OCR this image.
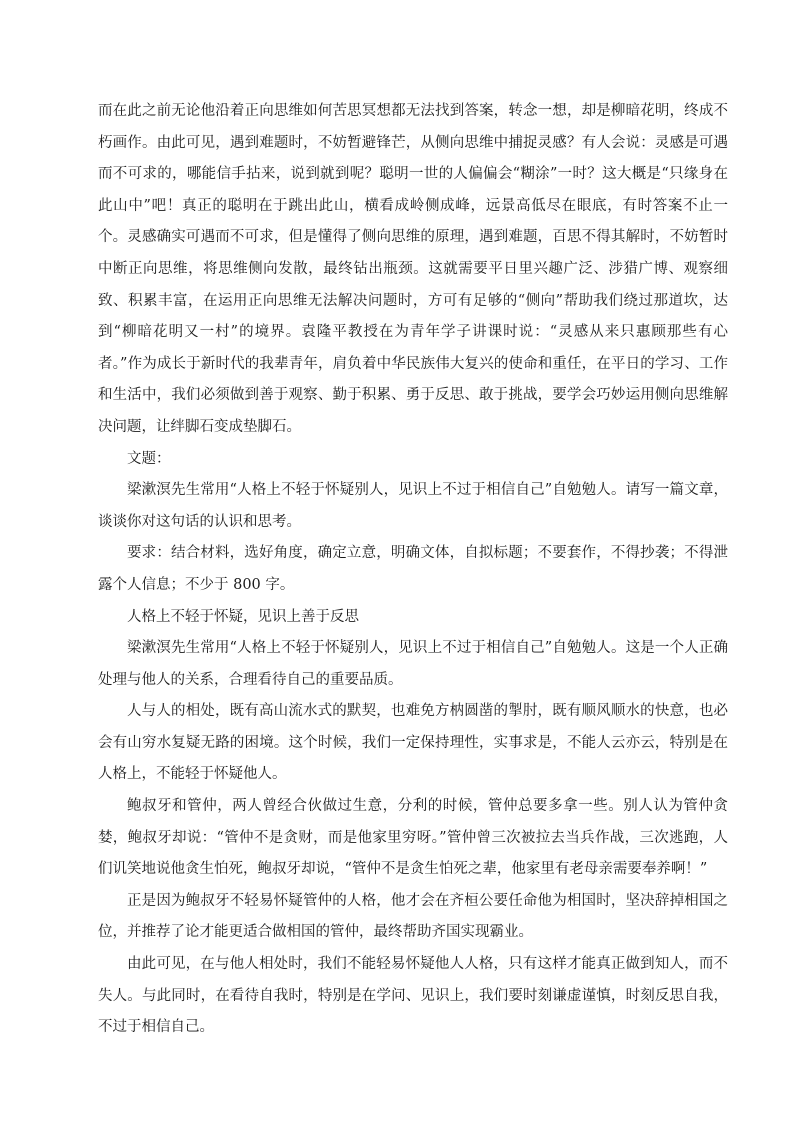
而在此之前无论他沿着正向思维如何苦思冥想都无法找到答案，转念一想，却是柳暗花明，终成不朽画作。由此可见，遇到难题时，不妨暂避锋芒，从侧向思维中捕捉灵感？有人会说：灵感是可遇而不可求的，哪能信手拈来，说到就到呢？聪明一世的人偏偏会“糊涂”一时？这大概是“只缘身在此山中”吧！真正的聪明在于跳出此山，横看成岭侧成峰，远景高低尽在眼底，有时答案不止一个。灵感确实可遇而不可求，但是懂得了侧向思维的原理，遇到难题，百思不得其解时，不妨暂时中断正向思维，将思维侧向发散，最终钻出瓶颈。这就需要平日里兴趣广泛、涉猎广博、观察细致、积累丰富，在运用正向思维无法解决问题时，方可有足够的“侧向”帮助我们绕过那道坎，达到“柳暗花明又一村”的境界。袁隆平教授在为青年学子讲课时说：“灵感从来只惠顾那些有心者。”作为成长于新时代的我辈青年，肩负着中华民族伟大复兴的使命和重任，在平日的学习、工作和生活中，我们必须做到善于观察、勤于积累、勇于反思、敢于挑战，要学会巧妙运用侧向思维解决问题，让绊脚石变成垫脚石。

文题：

梁漱溟先生常用“人格上不轻于怀疑别人，见识上不过于相信自己”自勉勉人。请写一篇文章，谈谈你对这句话的认识和思考。

要求：结合材料，选好角度，确定立意，明确文体，自拟标题；不要套作，不得抄袭；不得泄露个人信息；不少于 800 字。

人格上不轻于怀疑，见识上善于反思

梁漱溟先生常用“人格上不轻于怀疑别人，见识上不过于相信自己”自勉勉人。这是一个人正确处理与他人的关系，合理看待自己的重要品质。

人与人的相处，既有高山流水式的默契，也难免方枘圆凿的掣肘，既有顺风顺水的快意，也必会有山穷水复疑无路的困境。这个时候，我们一定保持理性，实事求是，不能人云亦云，特别是在人格上，不能轻于怀疑他人。

鲍叔牙和管仲，两人曾经合伙做过生意，分利的时候，管仲总要多拿一些。别人认为管仲贪婪，鲍叔牙却说：“管仲不是贪财，而是他家里穷呀。”管仲曾三次被拉去当兵作战，三次逃跑，人们讥笑地说他贪生怕死，鲍叔牙却说，“管仲不是贪生怕死之辈，他家里有老母亲需要奉养啊！”

正是因为鲍叔牙不轻易怀疑管仲的人格，他才会在齐桓公要任命他为相国时，坚决辞掉相国之位，并推荐了论才能更适合做相国的管仲，最终帮助齐国实现霸业。

由此可见，在与他人相处时，我们不能轻易怀疑他人人格，只有这样才能真正做到知人，而不失人。与此同时，在看待自我时，特别是在学问、见识上，我们要时刻谦虚谨慎，时刻反思自我，不过于相信自己。
